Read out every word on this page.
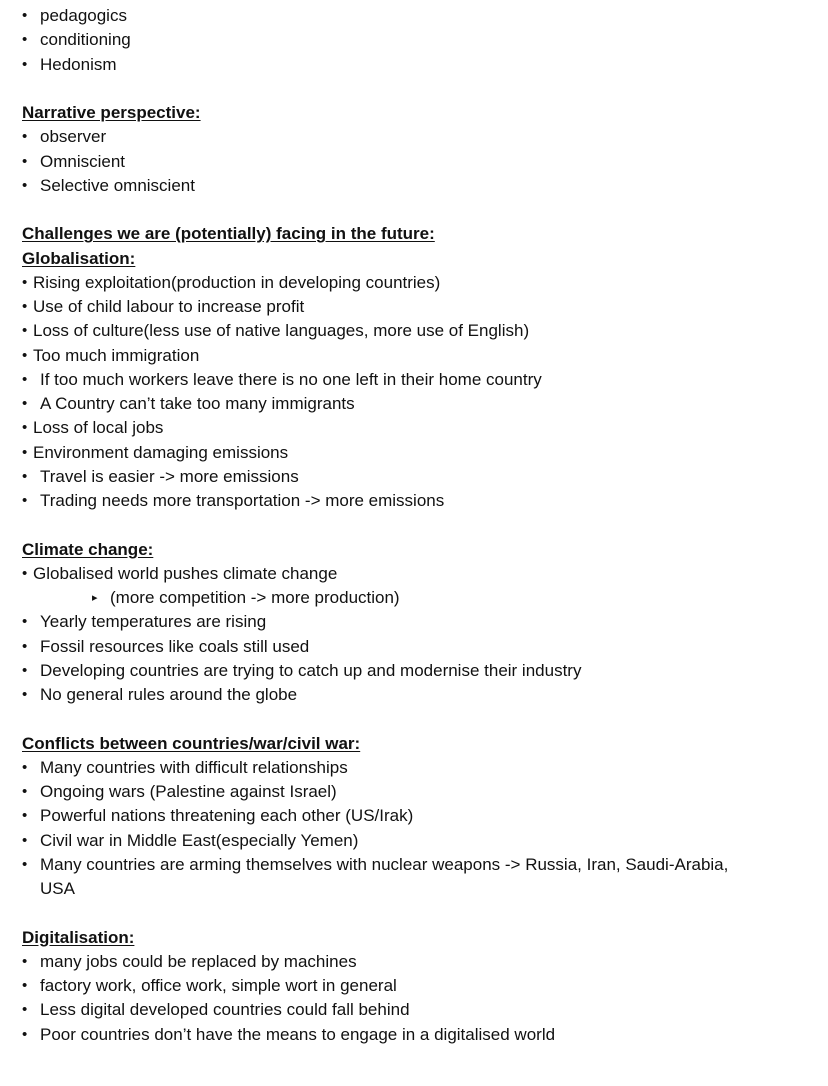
• pedagogics
• conditioning
• Hedonism
Narrative perspective:
• observer
• Omniscient
• Selective omniscient
Challenges we are (potentially) facing in the future:
Globalisation:
• Rising exploitation(production in developing countries)
• Use of child labour to increase profit
• Loss of culture(less use of native languages, more use of English)
• Too much immigration
• If too much workers leave there is no one left in their home country
• A Country can’t take too many immigrants
• Loss of local jobs
• Environment damaging emissions
• Travel is easier -> more emissions
• Trading needs more transportation -> more emissions
Climate change:
• Globalised world pushes climate change
▸ (more competition -> more production)
• Yearly temperatures are rising
• Fossil resources like coals still used
• Developing countries are trying to catch up and modernise their industry
• No general rules around the globe
Conflicts between countries/war/civil war:
• Many countries with difficult relationships
• Ongoing wars (Palestine against Israel)
• Powerful nations threatening each other (US/Irak)
• Civil war in Middle East(especially Yemen)
• Many countries are arming themselves with nuclear weapons -> Russia, Iran, Saudi-Arabia,
USA
Digitalisation:
• many jobs could be replaced by machines
• factory work, office work, simple wort in general
• Less digital developed countries could fall behind
• Poor countries don’t have the means to engage in a digitalised world
